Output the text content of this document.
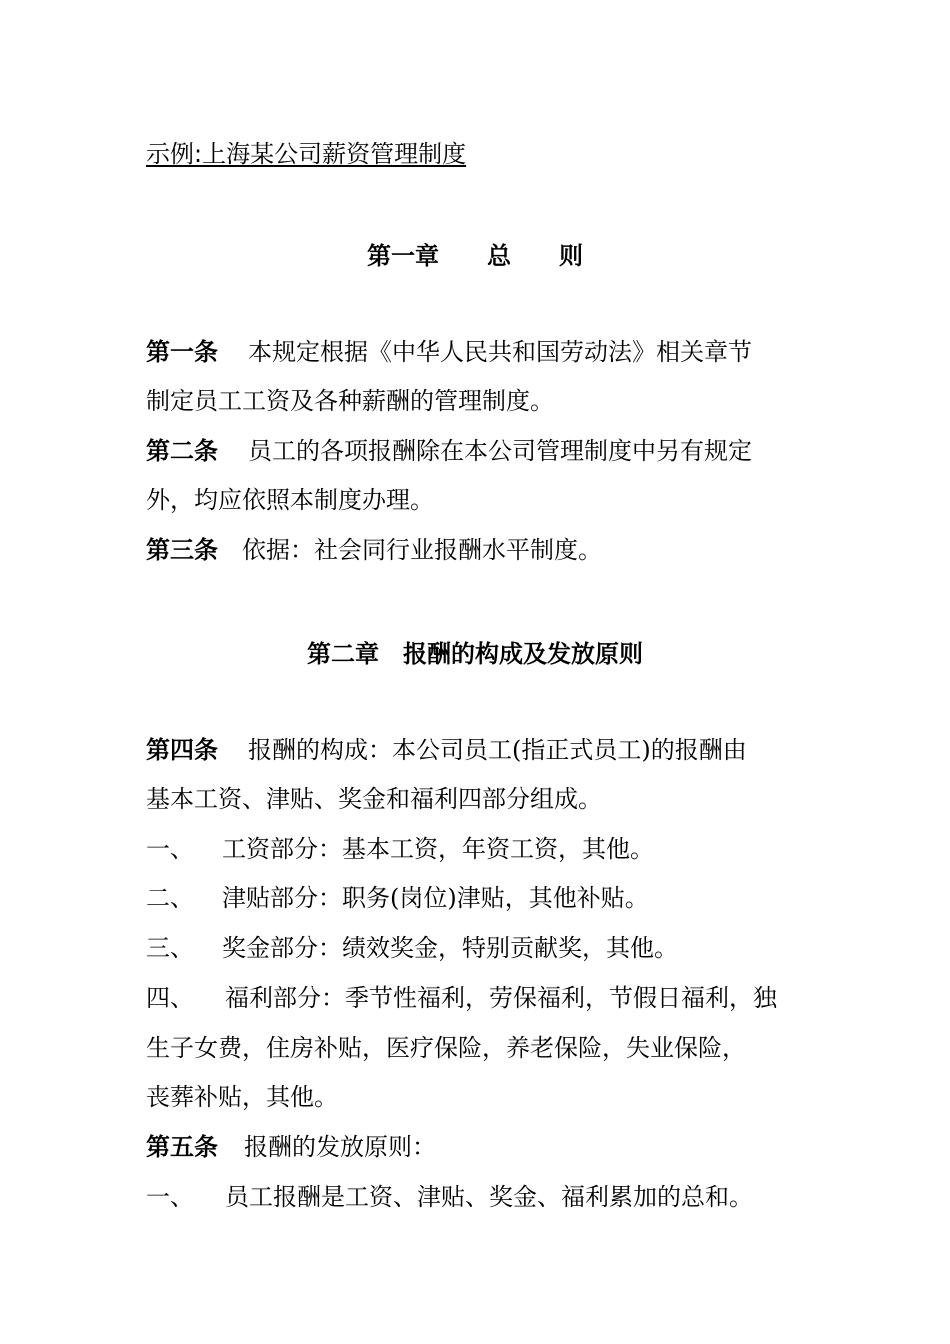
示例:上海某公司薪资管理制度
第一章　　总　　则
第一条 本规定根据《中华人民共和国劳动法》相关章节
制定员工工资及各种薪酬的管理制度。
第二条 员工的各项报酬除在本公司管理制度中另有规定
外，均应依照本制度办理。
第三条 依据：社会同行业报酬水平制度。
第二章　报酬的构成及发放原则
第四条 报酬的构成：本公司员工(指正式员工)的报酬由
基本工资、津贴、奖金和福利四部分组成。
一、 工资部分：基本工资，年资工资，其他。
二、 津贴部分：职务(岗位)津贴，其他补贴。
三、 奖金部分：绩效奖金，特别贡献奖，其他。
四、 福利部分：季节性福利，劳保福利，节假日福利，独
生子女费，住房补贴，医疗保险，养老保险，失业保险，
丧葬补贴，其他。
第五条 报酬的发放原则：
一、 员工报酬是工资、津贴、奖金、福利累加的总和。
